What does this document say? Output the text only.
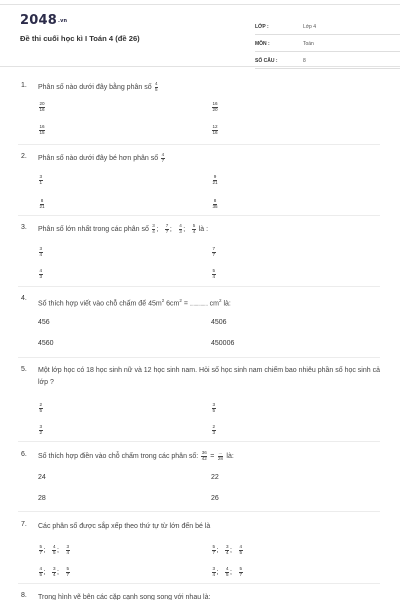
2048.vn
Đề thi cuối học kì I Toán 4 (đề 26)
LỚP :	Lớp 4
MÔN :	Toán
SỐ CÂU :	8
1. Phân số nào dưới đây bằng phân số $\frac{4}{5}$
$\frac{20}{16}$	$\frac{16}{20}$
$\frac{16}{15}$	$\frac{12}{16}$
2. Phân số nào dưới đây bé hơn phân số $\frac{4}{7}$
$\frac{3}{1}$	$\frac{9}{21}$
$\frac{8}{21}$	$\frac{8}{35}$
3. Phân số lớn nhất trong các phân số $\frac{3}{4}$ ; $\frac{7}{7}$ ; $\frac{4}{3}$ ; $\frac{5}{4}$ là :
$\frac{3}{4}$	$\frac{7}{7}$
$\frac{4}{3}$	$\frac{5}{4}$
4.
Số thích hợp viết vào chỗ chấm để $45m^2$ $6cm^2$ = ............... $cm^2$ là:
456	4506
4560	450006
5. Một lớp học có 18 học sinh nữ và 12 học sinh nam. Hỏi số học sinh nam chiếm bao nhiêu phần số học sinh cả lớp ?
$\frac{2}{5}$	$\frac{3}{5}$
$\frac{3}{2}$	$\frac{2}{3}$
6. Số thích hợp điền vào chỗ chấm trong các phân số: $\frac{36}{42} = \frac{...}{28}$ là:
24	22
28	26
7. Các phân số được sắp xếp theo thứ tự từ lớn đến bé là
$\frac{5}{7}$ ; $\frac{4}{5}$ ; $\frac{3}{4}$	$\frac{5}{7}$ ; $\frac{3}{4}$ ; $\frac{4}{5}$
$\frac{4}{5}$ ; $\frac{3}{4}$ ; $\frac{5}{7}$	$\frac{3}{4}$ ; $\frac{4}{5}$ ; $\frac{5}{7}$
8. Trong hình vẽ bên các cặp cạnh song song với nhau là:
